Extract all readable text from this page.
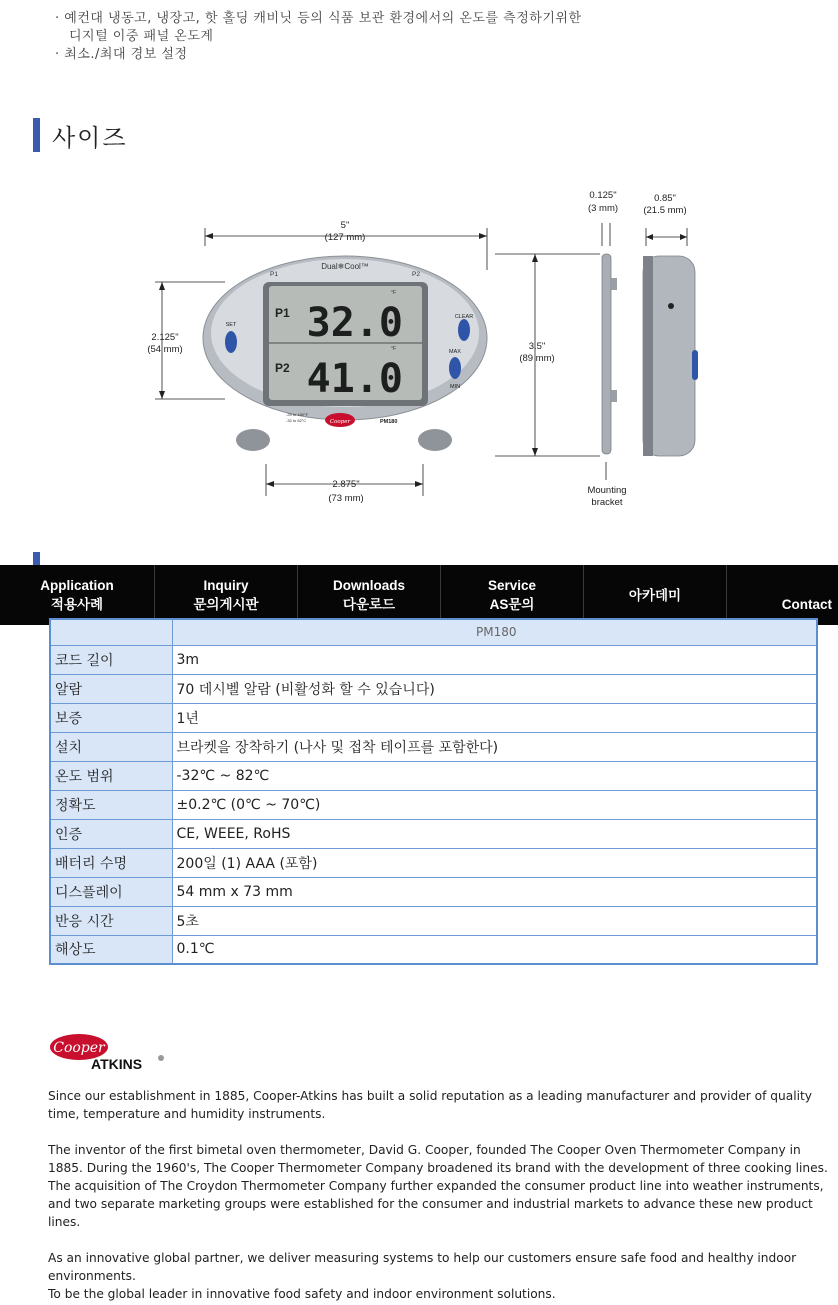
· 예컨대 냉동고, 냉장고, 핫 홀딩 캐비닛 등의 식품 보관 환경에서의 온도를 측정하기위한
디지털 이중 패널 온도계
· 최소./최대 경보 설정
사이즈
5"
(127 mm)
2.125"
(54 mm)	3.5"
(89 mm)
2.875"
(73 mm)
0.125"
(3 mm)
0.85"
(21.5 mm)
Mounting
bracket
Dual❄Cool™
P1	P2
P1
P2
32.0
41.0
°F
°F
SET
CLEAR
MAX
MIN
-25 to 180°F
-32 to 82°C	Cooper	PM180
Application
적용사례
Inquiry
문의게시판
Downloads
다운로드
Service
AS문의
아카데미
Contact
	PM180
코드 길이	3m
알람	70 데시벨 알람 (비활성화 할 수 있습니다)
보증	1년
설치	브라켓을 장착하기 (나사 및 접착 테이프를 포함한다)
온도 범위	-32℃ ~ 82℃
정확도	±0.2℃ (0℃ ~ 70℃)
인증	CE, WEEE, RoHS
배터리 수명	200일 (1) AAA (포함)
디스플레이	54 mm x 73 mm
반응 시간	5초
해상도	0.1℃
Cooper
ATKINS

Since our establishment in 1885, Cooper-Atkins has built a solid reputation as a leading manufacturer and provider of quality time, temperature and humidity instruments.

The inventor of the first bimetal oven thermometer, David G. Cooper, founded The Cooper Oven Thermometer Company in 1885. During the 1960's, The Cooper Thermometer Company broadened its brand with the development of three cooking lines. The acquisition of The Croydon Thermometer Company further expanded the consumer product line into weather instruments, and two separate marketing groups were established for the consumer and industrial markets to advance these new product lines.

As an innovative global partner, we deliver measuring systems to help our customers ensure safe food and healthy indoor environments.

To be the global leader in innovative food safety and indoor environment solutions.
